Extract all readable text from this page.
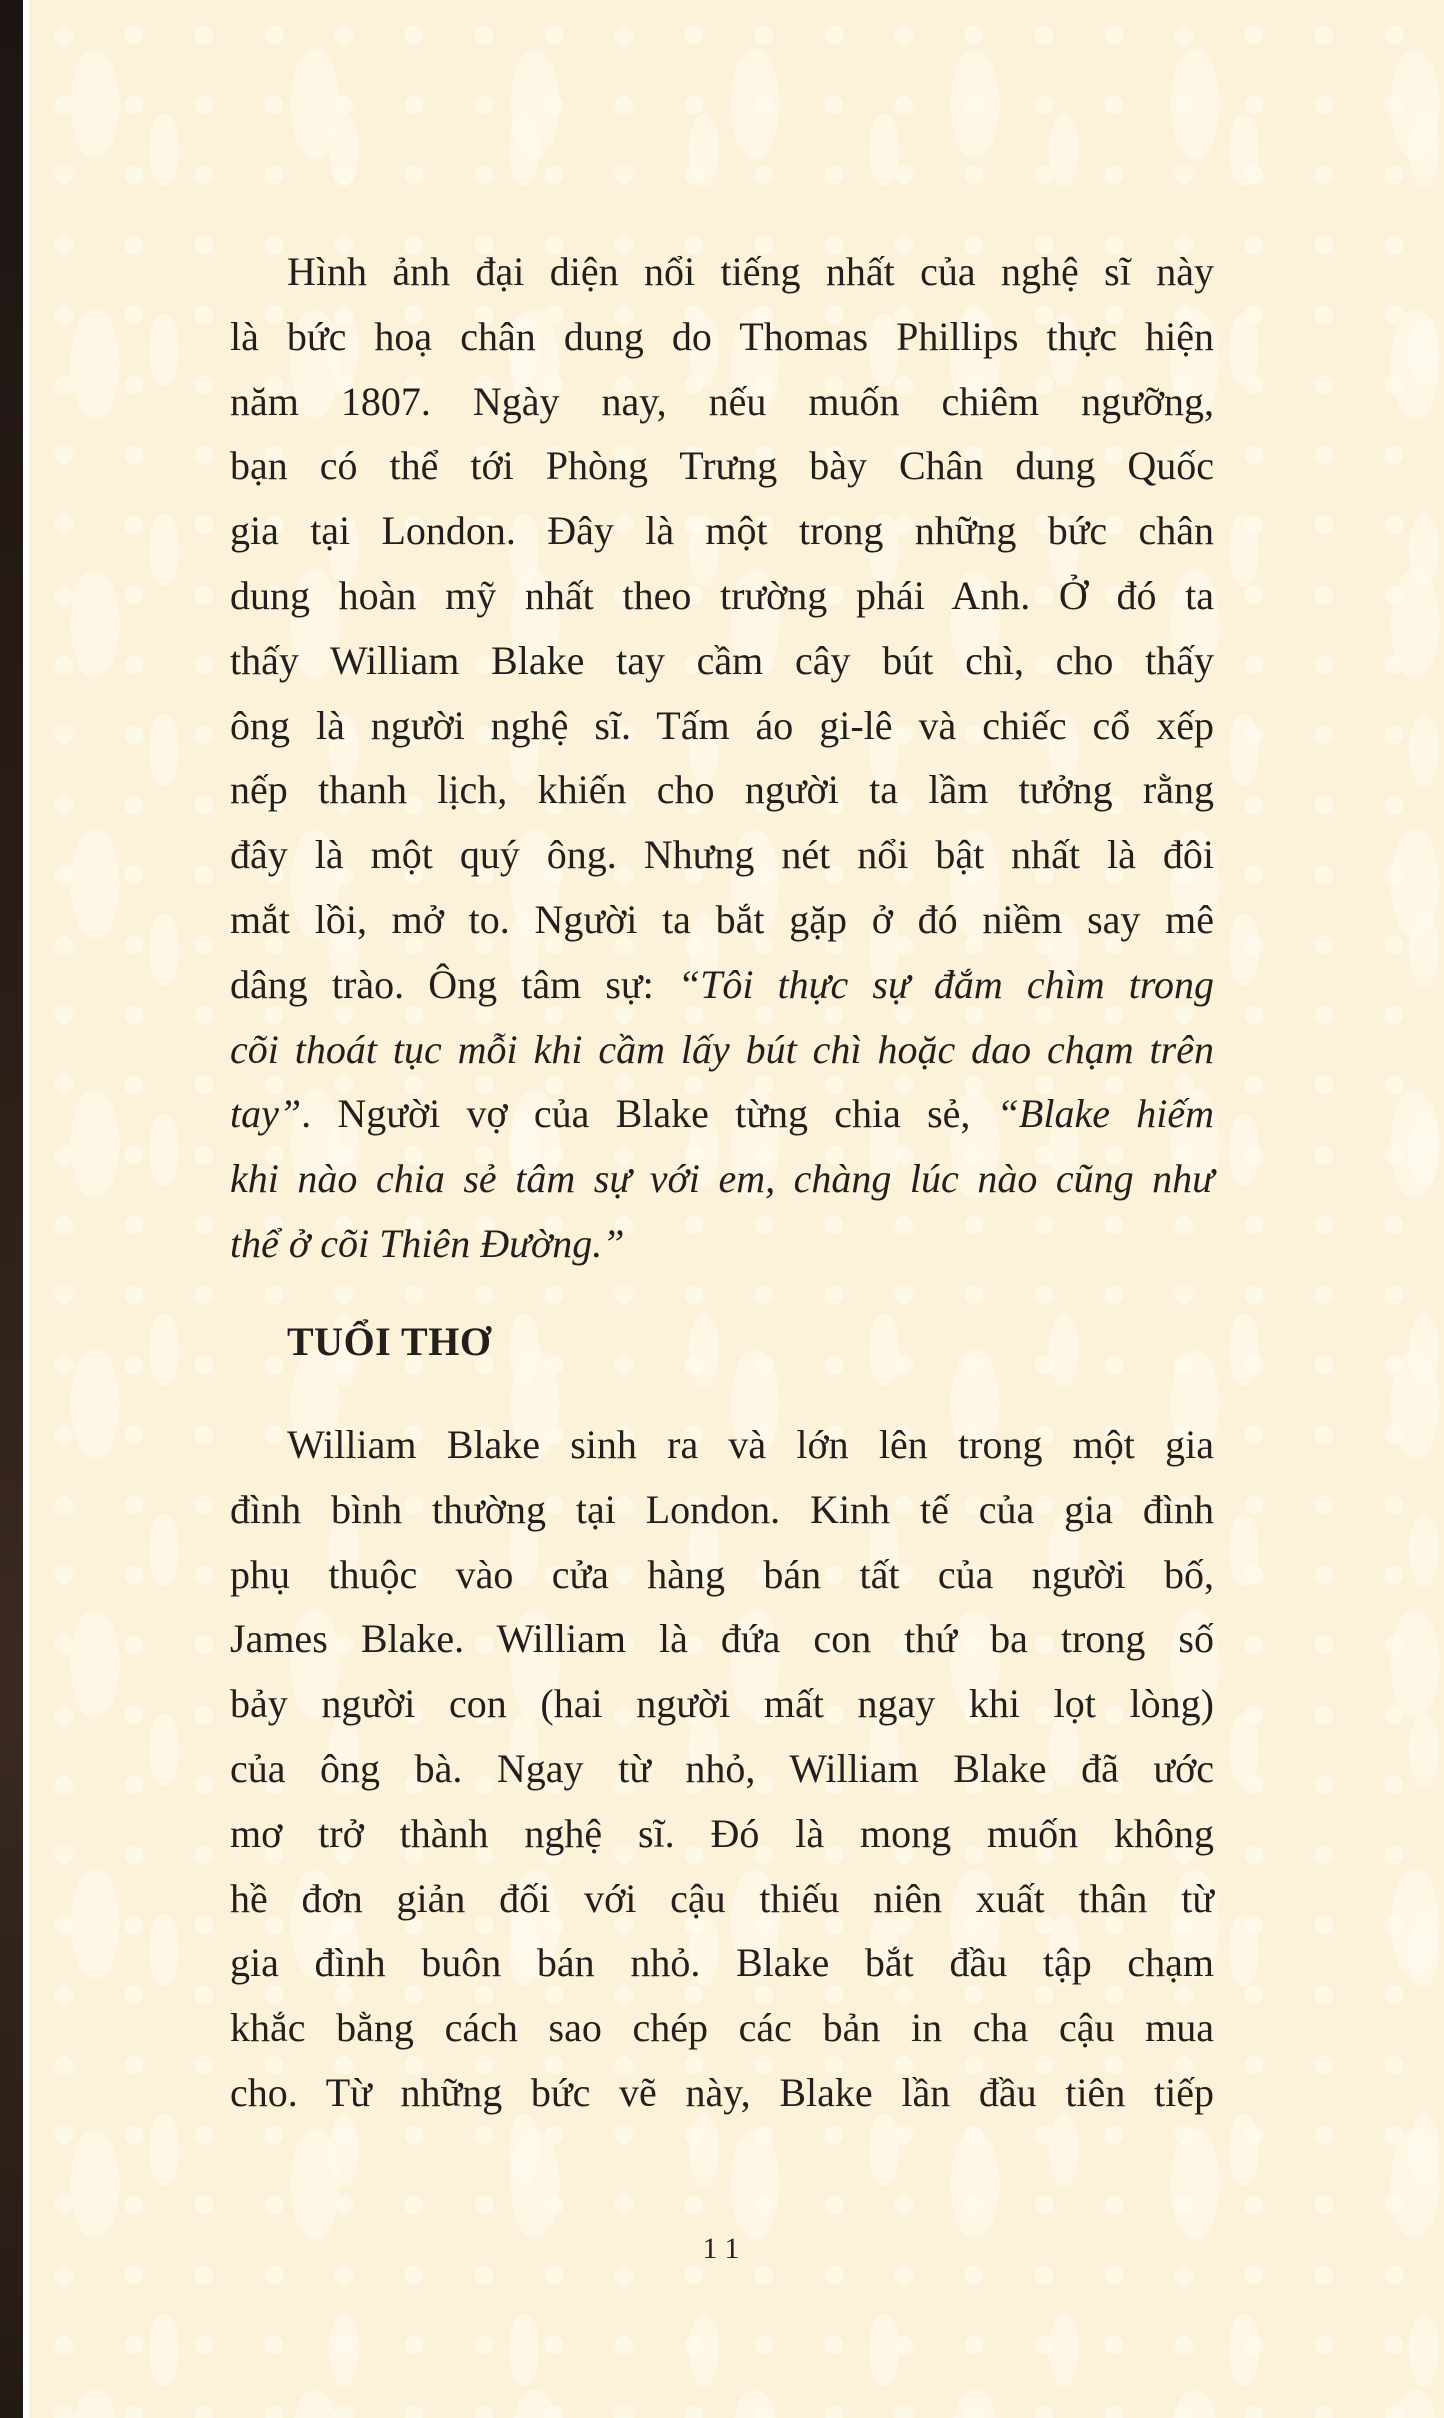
Hình ảnh đại diện nổi tiếng nhất của nghệ sĩ này
là bức hoạ chân dung do Thomas Phillips thực hiện
năm 1807. Ngày nay, nếu muốn chiêm ngưỡng,
bạn có thể tới Phòng Trưng bày Chân dung Quốc
gia tại London. Đây là một trong những bức chân
dung hoàn mỹ nhất theo trường phái Anh. Ở đó ta
thấy William Blake tay cầm cây bút chì, cho thấy
ông là người nghệ sĩ. Tấm áo gi-lê và chiếc cổ xếp
nếp thanh lịch, khiến cho người ta lầm tưởng rằng
đây là một quý ông. Nhưng nét nổi bật nhất là đôi
mắt lồi, mở to. Người ta bắt gặp ở đó niềm say mê
dâng trào. Ông tâm sự: “Tôi thực sự đắm chìm trong
cõi thoát tục mỗi khi cầm lấy bút chì hoặc dao chạm trên
tay”. Người vợ của Blake từng chia sẻ, “Blake hiếm
khi nào chia sẻ tâm sự với em, chàng lúc nào cũng như
thể ở cõi Thiên Đường.”
TUỔI THƠ
William Blake sinh ra và lớn lên trong một gia
đình bình thường tại London. Kinh tế của gia đình
phụ thuộc vào cửa hàng bán tất của người bố,
James Blake. William là đứa con thứ ba trong số
bảy người con (hai người mất ngay khi lọt lòng)
của ông bà. Ngay từ nhỏ, William Blake đã ước
mơ trở thành nghệ sĩ. Đó là mong muốn không
hề đơn giản đối với cậu thiếu niên xuất thân từ
gia đình buôn bán nhỏ. Blake bắt đầu tập chạm
khắc bằng cách sao chép các bản in cha cậu mua
cho. Từ những bức vẽ này, Blake lần đầu tiên tiếp
11
